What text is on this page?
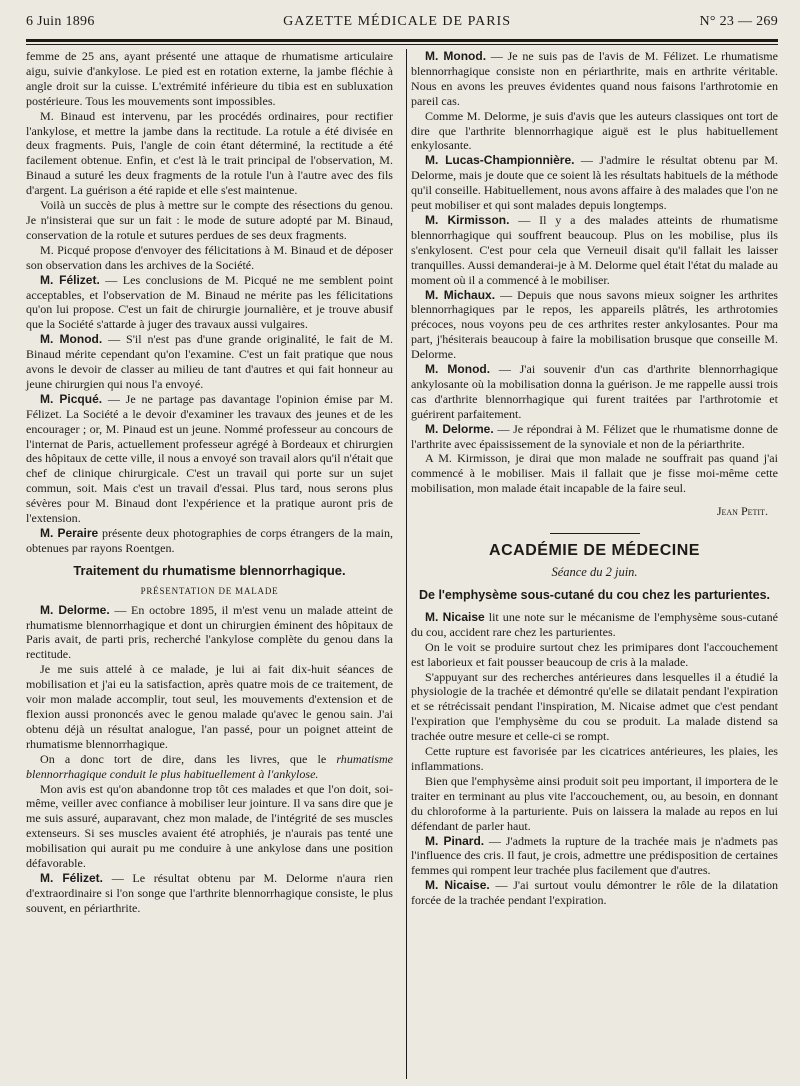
6 Juin 1896	GAZETTE MÉDICALE DE PARIS	N° 23 — 269

femme de 25 ans, ayant présenté une attaque de rhumatisme articulaire aigu, suivie d'ankylose. Le pied est en rotation externe, la jambe fléchie à angle droit sur la cuisse. L'extrémité inférieure du tibia est en subluxation postérieure. Tous les mouvements sont impossibles.

M. Binaud est intervenu, par les procédés ordinaires, pour rectifier l'ankylose, et mettre la jambe dans la rectitude. La rotule a été divisée en deux fragments. Puis, l'angle de coin étant déterminé, la rectitude a été facilement obtenue. Enfin, et c'est là le trait principal de l'observation, M. Binaud a suturé les deux fragments de la rotule l'un à l'autre avec des fils d'argent. La guérison a été rapide et elle s'est maintenue.

Voilà un succès de plus à mettre sur le compte des résections du genou. Je n'insisterai que sur un fait : le mode de suture adopté par M. Binaud, conservation de la rotule et sutures perdues de ses deux fragments.

M. Picqué propose d'envoyer des félicitations à M. Binaud et de déposer son observation dans les archives de la Société.

M. Félizet. — Les conclusions de M. Picqué ne me semblent point acceptables, et l'observation de M. Binaud ne mérite pas les félicitations qu'on lui propose. C'est un fait de chirurgie journalière, et je trouve abusif que la Société s'attarde à juger des travaux aussi vulgaires.

M. Monod. — S'il n'est pas d'une grande originalité, le fait de M. Binaud mérite cependant qu'on l'examine. C'est un fait pratique que nous avons le devoir de classer au milieu de tant d'autres et qui fait honneur au jeune chirurgien qui nous l'a envoyé.

M. Picqué. — Je ne partage pas davantage l'opinion émise par M. Félizet. La Société a le devoir d'examiner les travaux des jeunes et de les encourager ; or, M. Pinaud est un jeune. Nommé professeur au concours de l'internat de Paris, actuellement professeur agrégé à Bordeaux et chirurgien des hôpitaux de cette ville, il nous a envoyé son travail alors qu'il n'était que chef de clinique chirurgicale. C'est un travail qui porte sur un sujet commun, soit. Mais c'est un travail d'essai. Plus tard, nous serons plus sévères pour M. Binaud dont l'expérience et la pratique auront pris de l'extension.

M. Peraire présente deux photographies de corps étrangers de la main, obtenues par rayons Roentgen.

Traitement du rhumatisme blennorrhagique.
PRÉSENTATION DE MALADE

M. Delorme. — En octobre 1895, il m'est venu un malade atteint de rhumatisme blennorrhagique et dont un chirurgien éminent des hôpitaux de Paris avait, de parti pris, recherché l'ankylose complète du genou dans la rectitude.

Je me suis attelé à ce malade, je lui ai fait dix-huit séances de mobilisation et j'ai eu la satisfaction, après quatre mois de ce traitement, de voir mon malade accomplir, tout seul, les mouvements d'extension et de flexion aussi prononcés avec le genou malade qu'avec le genou sain. J'ai obtenu déjà un résultat analogue, l'an passé, pour un poignet atteint de rhumatisme blennorrhagique.

On a donc tort de dire, dans les livres, que le rhumatisme blennorrhagique conduit le plus habituellement à l'ankylose.

Mon avis est qu'on abandonne trop tôt ces malades et que l'on doit, soi-même, veiller avec confiance à mobiliser leur jointure. Il va sans dire que je me suis assuré, auparavant, chez mon malade, de l'intégrité de ses muscles extenseurs. Si ses muscles avaient été atrophiés, je n'aurais pas tenté une mobilisation qui aurait pu me conduire à une ankylose dans une position défavorable.

M. Félizet. — Le résultat obtenu par M. Delorme n'aura rien d'extraordinaire si l'on songe que l'arthrite blennorrhagique consiste, le plus souvent, en périarthrite.

M. Monod. — Je ne suis pas de l'avis de M. Félizet. Le rhumatisme blennorrhagique consiste non en périarthrite, mais en arthrite véritable. Nous en avons les preuves évidentes quand nous faisons l'arthrotomie en pareil cas.

Comme M. Delorme, je suis d'avis que les auteurs classiques ont tort de dire que l'arthrite blennorrhagique aiguë est le plus habituellement enkylosante.

M. Lucas-Championnière. — J'admire le résultat obtenu par M. Delorme, mais je doute que ce soient là les résultats habituels de la méthode qu'il conseille. Habituellement, nous avons affaire à des malades que l'on ne peut mobiliser et qui sont malades depuis longtemps.

M. Kirmisson. — Il y a des malades atteints de rhumatisme blennorrhagique qui souffrent beaucoup. Plus on les mobilise, plus ils s'enkylosent. C'est pour cela que Verneuil disait qu'il fallait les laisser tranquilles. Aussi demanderai-je à M. Delorme quel était l'état du malade au moment où il a commencé à le mobiliser.

M. Michaux. — Depuis que nous savons mieux soigner les arthrites blennorrhagiques par le repos, les appareils plâtrés, les arthrotomies précoces, nous voyons peu de ces arthrites rester ankylosantes. Pour ma part, j'hésiterais beaucoup à faire la mobilisation brusque que conseille M. Delorme.

M. Monod. — J'ai souvenir d'un cas d'arthrite blennorrhagique ankylosante où la mobilisation donna la guérison. Je me rappelle aussi trois cas d'arthrite blennorrhagique qui furent traitées par l'arthrotomie et guérirent parfaitement.

M. Delorme. — Je répondrai à M. Félizet que le rhumatisme donne de l'arthrite avec épaississement de la synoviale et non de la périarthrite.

A M. Kirmisson, je dirai que mon malade ne souffrait pas quand j'ai commencé à le mobiliser. Mais il fallait que je fisse moi-même cette mobilisation, mon malade était incapable de la faire seul.

Jean Petit.
ACADÉMIE DE MÉDECINE
Séance du 2 juin.
De l'emphysème sous-cutané du cou chez les parturientes.

M. Nicaise lit une note sur le mécanisme de l'emphysème sous-cutané du cou, accident rare chez les parturientes.

On le voit se produire surtout chez les primipares dont l'accouchement est laborieux et fait pousser beaucoup de cris à la malade.

S'appuyant sur des recherches antérieures dans lesquelles il a étudié la physiologie de la trachée et démontré qu'elle se dilatait pendant l'expiration et se rétrécissait pendant l'inspiration, M. Nicaise admet que c'est pendant l'expiration que l'emphysème du cou se produit. La malade distend sa trachée outre mesure et celle-ci se rompt.

Cette rupture est favorisée par les cicatrices antérieures, les plaies, les inflammations.

Bien que l'emphysème ainsi produit soit peu important, il importera de le traiter en terminant au plus vite l'accouchement, ou, au besoin, en donnant du chloroforme à la parturiente. Puis on laissera la malade au repos en lui défendant de parler haut.

M. Pinard. — J'admets la rupture de la trachée mais je n'admets pas l'influence des cris. Il faut, je crois, admettre une prédisposition de certaines femmes qui rompent leur trachée plus facilement que d'autres.

M. Nicaise. — J'ai surtout voulu démontrer le rôle de la dilatation forcée de la trachée pendant l'expiration.
